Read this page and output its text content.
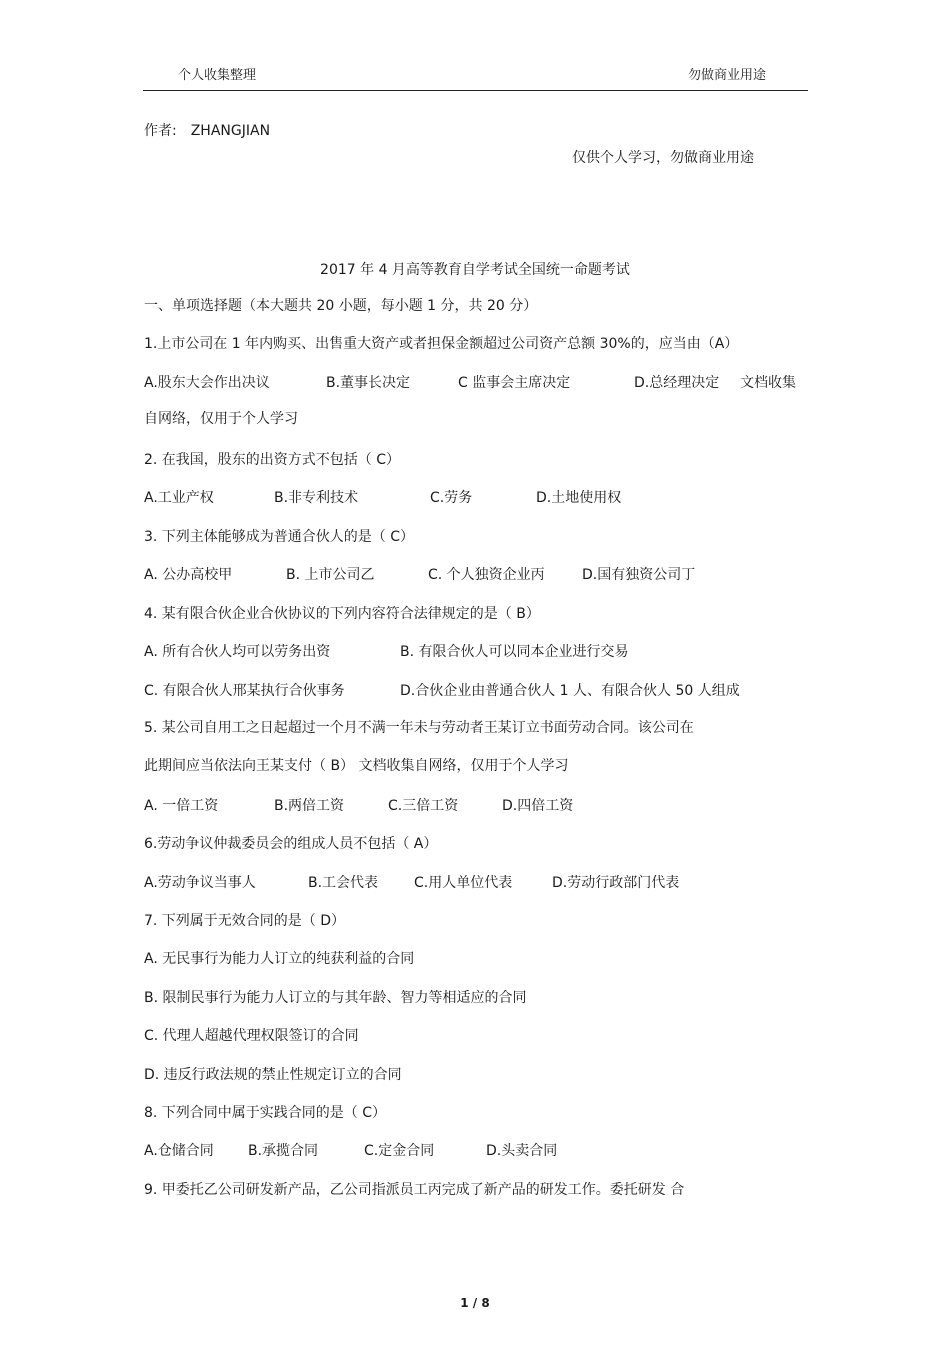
个人收集整理	勿做商业用途
作者: ZHANGJIAN
仅供个人学习，勿做商业用途
2017 年 4 月高等教育自学考试全国统一命题考试
一、单项选择题（本大题共 20 小题，每小题 1 分，共 20 分）
1.上市公司在 1 年内购买、出售重大资产或者担保金额超过公司资产总额 30%的，应当由（A）
A.股东大会作出决议	B.董事长决定	C 监事会主席决定	D.总经理决定 文档收集
自网络，仅用于个人学习
2. 在我国，股东的出资方式不包括（ C）
A.工业产权	B.非专利技术	C.劳务	D.土地使用权
3. 下列主体能够成为普通合伙人的是（ C）
A. 公办高校甲	B. 上市公司乙	C. 个人独资企业丙	D.国有独资公司丁
4. 某有限合伙企业合伙协议的下列内容符合法律规定的是（ B）
A. 所有合伙人均可以劳务出资	B. 有限合伙人可以同本企业进行交易
C. 有限合伙人邢某执行合伙事务	D.合伙企业由普通合伙人 1 人、有限合伙人 50 人组成
5. 某公司自用工之日起超过一个月不满一年未与劳动者王某订立书面劳动合同。该公司在
此期间应当依法向王某支付（ B） 文档收集自网络，仅用于个人学习
A. 一倍工资	B.两倍工资	C.三倍工资	D.四倍工资
6.劳动争议仲裁委员会的组成人员不包括（ A）
A.劳动争议当事人	B.工会代表	C.用人单位代表	D.劳动行政部门代表
7. 下列属于无效合同的是（ D）
A. 无民事行为能力人订立的纯获利益的合同
B. 限制民事行为能力人订立的与其年龄、智力等相适应的合同
C. 代理人超越代理权限签订的合同
D. 违反行政法规的禁止性规定订立的合同
8. 下列合同中属于实践合同的是（ C）
A.仓储合同 B.承揽合同	C.定金合同	D.头卖合同
9. 甲委托乙公司研发新产品，乙公司指派员工丙完成了新产品的研发工作。委托研发 合
1 / 8
